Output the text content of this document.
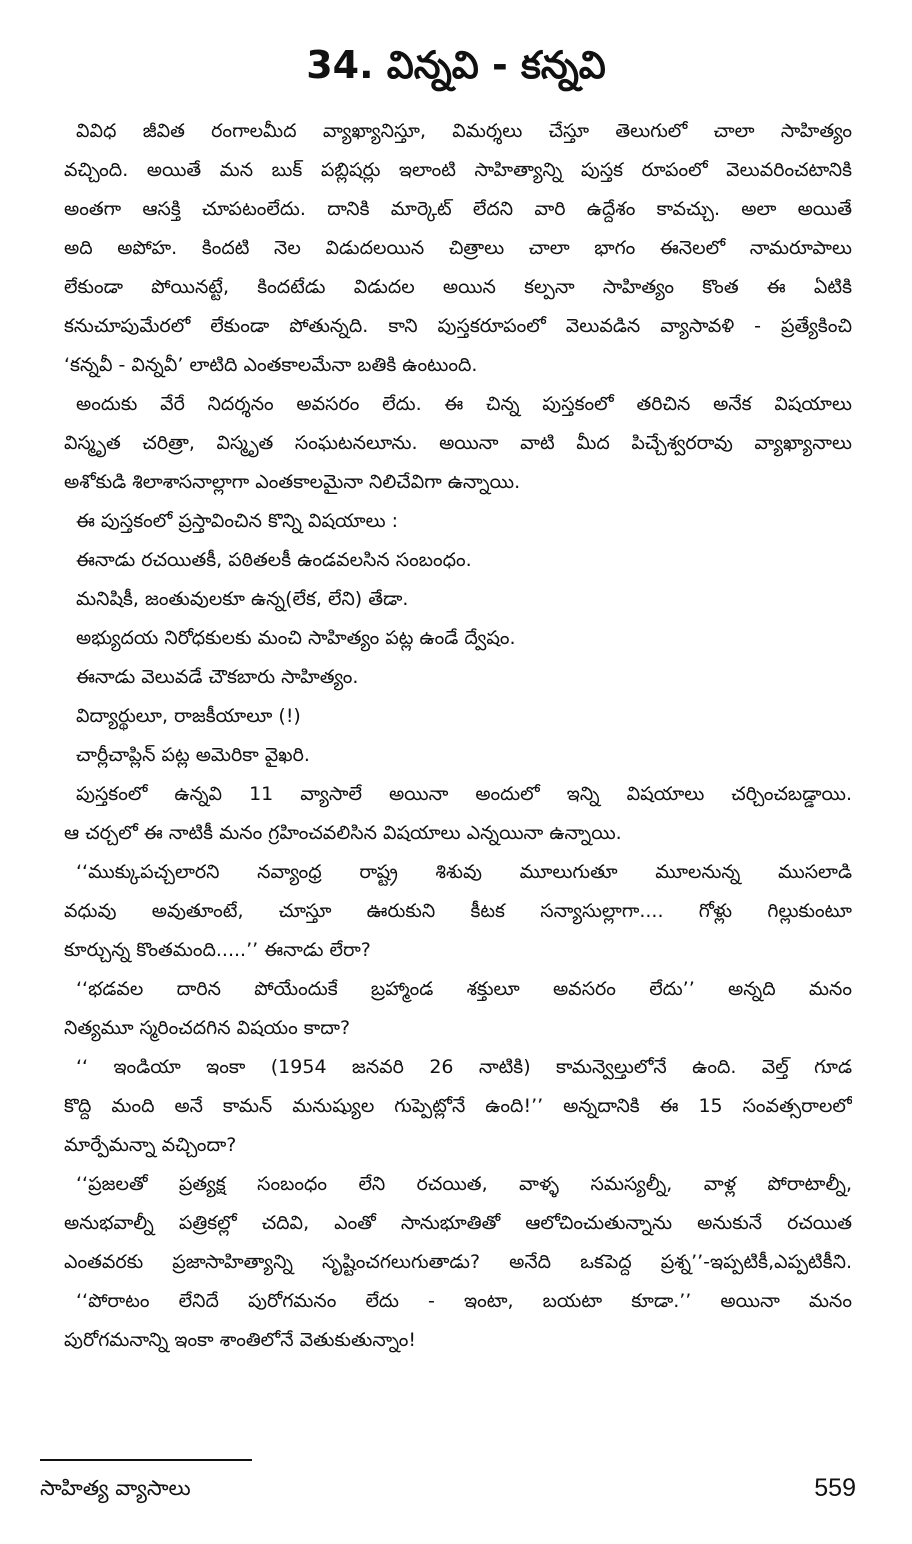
34. విన్నవి - కన్నవి
వివిధ జీవిత రంగాలమీద వ్యాఖ్యానిస్తూ, విమర్శలు చేస్తూ తెలుగులో చాలా సాహిత్యం
వచ్చింది. అయితే మన బుక్ పబ్లిషర్లు ఇలాంటి సాహిత్యాన్ని పుస్తక రూపంలో వెలువరించటానికి
అంతగా ఆసక్తి చూపటంలేదు. దానికి మార్కెట్ లేదని వారి ఉద్దేశం కావచ్చు. అలా అయితే
అది అపోహ. కిందటి నెల విడుదలయిన చిత్రాలు చాలా భాగం ఈనెలలో నామరూపాలు
లేకుండా పోయినట్టే, కిందటేడు విడుదల అయిన కల్పనా సాహిత్యం కొంత ఈ ఏటికి
కనుచూపుమేరలో లేకుండా పోతున్నది. కాని పుస్తకరూపంలో వెలువడిన వ్యాసావళి - ప్రత్యేకించి
‘కన్నవీ - విన్నవీ’ లాటిది ఎంతకాలమేనా బతికి ఉంటుంది.
అందుకు వేరే నిదర్శనం అవసరం లేదు. ఈ చిన్న పుస్తకంలో తరిచిన అనేక విషయాలు
విస్మృత చరిత్రా, విస్మృత సంఘటనలూను. అయినా వాటి మీద పిచ్చేశ్వరరావు వ్యాఖ్యానాలు
అశోకుడి శిలాశాసనాల్లాగా ఎంతకాలమైనా నిలిచేవిగా ఉన్నాయి.
ఈ పుస్తకంలో ప్రస్తావించిన కొన్ని విషయాలు :
ఈనాడు రచయితకీ, పఠితలకీ ఉండవలసిన సంబంధం.
మనిషికీ, జంతువులకూ ఉన్న(లేక, లేని) తేడా.
అభ్యుదయ నిరోధకులకు మంచి సాహిత్యం పట్ల ఉండే ద్వేషం.
ఈనాడు వెలువడే చౌకబారు సాహిత్యం.
విద్యార్థులూ, రాజకీయాలూ (!)
చార్లీచాప్లిన్ పట్ల అమెరికా వైఖరి.
పుస్తకంలో ఉన్నవి 11 వ్యాసాలే అయినా అందులో ఇన్ని విషయాలు చర్చించబడ్డాయి.
ఆ చర్చలో ఈ నాటికీ మనం గ్రహించవలిసిన విషయాలు ఎన్నయినా ఉన్నాయి.
‘‘ముక్కుపచ్చలారని నవ్యాంధ్ర రాష్ట్ర శిశువు మూలుగుతూ మూలనున్న ముసలాడి
వధువు అవుతూంటే, చూస్తూ ఊరుకుని కీటక సన్యాసుల్లాగా.... గోళ్లు గిల్లుకుంటూ
కూర్చున్న కొంతమంది.....’’ ఈనాడు లేరా?
‘‘భడవల దారిన పోయేందుకే బ్రహ్మాండ శక్తులూ అవసరం లేదు’’ అన్నది మనం
నిత్యమూ స్మరించదగిన విషయం కాదా?
‘‘ ఇండియా ఇంకా (1954 జనవరి 26 నాటికి) కామన్వెల్తులోనే ఉంది. వెల్త్ గూడ
కొద్ది మంది అనే కామన్ మనుష్యుల గుప్పెట్లోనే ఉంది!’’ అన్నదానికి ఈ 15 సంవత్సరాలలో
మార్పేమన్నా వచ్చిందా?
‘‘ప్రజలతో ప్రత్యక్ష సంబంధం లేని రచయిత, వాళ్ళ సమస్యల్నీ, వాళ్ల పోరాటాల్నీ,
అనుభవాల్నీ పత్రికల్లో చదివి, ఎంతో సానుభూతితో ఆలోచించుతున్నాను అనుకునే రచయిత
ఎంతవరకు ప్రజాసాహిత్యాన్ని సృష్టించగలుగుతాడు? అనేది ఒకపెద్ద ప్రశ్న’’-ఇప్పటికీ,ఎప్పటికీని.
‘‘పోరాటం లేనిదే పురోగమనం లేదు - ఇంటా, బయటా కూడా.’’ అయినా మనం
పురోగమనాన్ని ఇంకా శాంతిలోనే వెతుకుతున్నాం!
సాహిత్య వ్యాసాలు	559
